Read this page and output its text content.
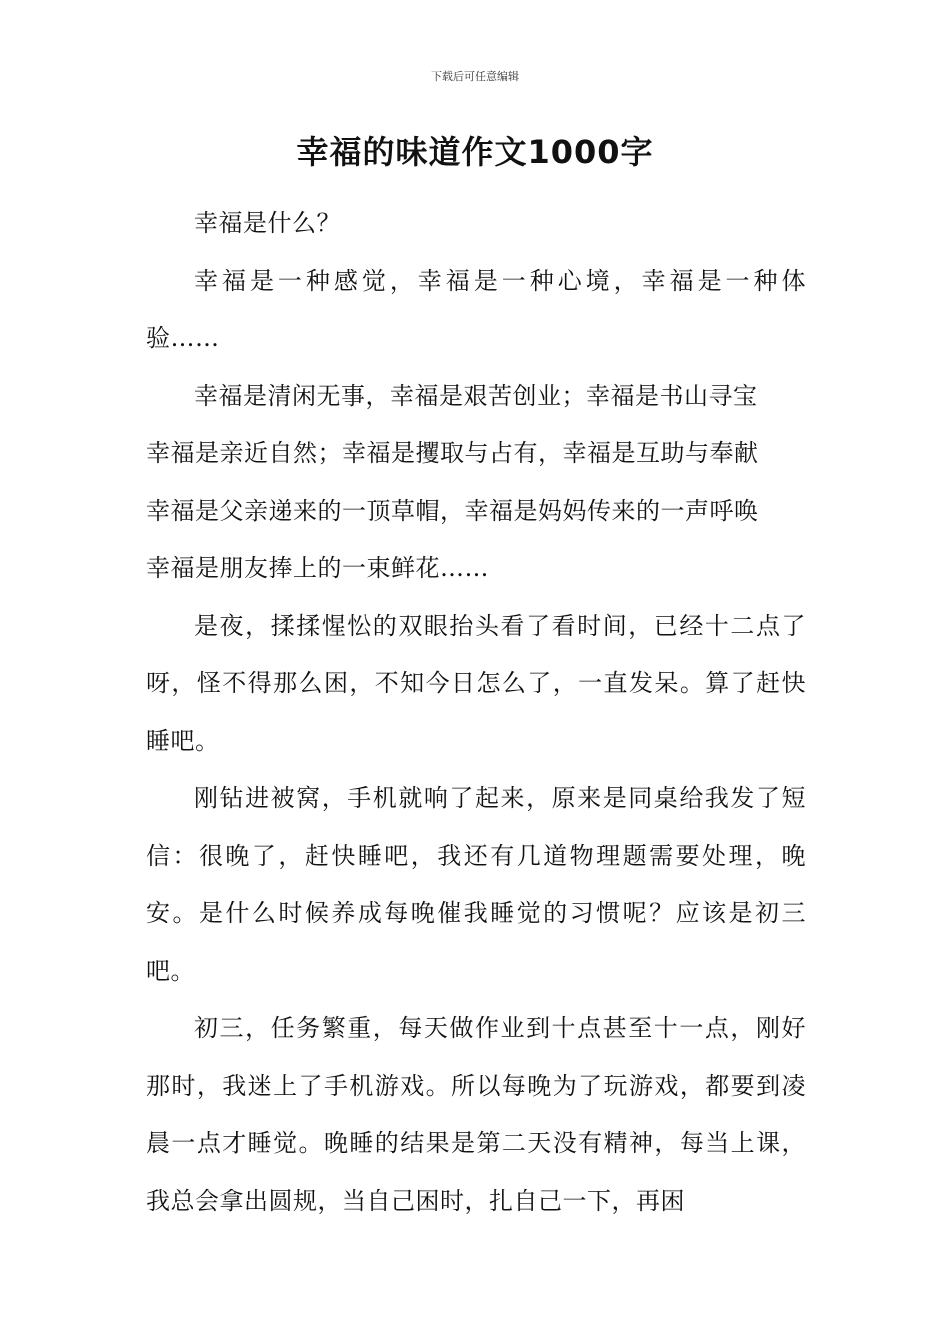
下载后可任意编辑
幸福的味道作文1000字

幸福是什么？

幸福是一种感觉，幸福是一种心境，幸福是一种体验……

幸福是清闲无事，幸福是艰苦创业；幸福是书山寻宝

幸福是亲近自然；幸福是攫取与占有，幸福是互助与奉献

幸福是父亲递来的一顶草帽，幸福是妈妈传来的一声呼唤

幸福是朋友捧上的一束鲜花……

是夜，揉揉惺忪的双眼抬头看了看时间，已经十二点了呀，怪不得那么困，不知今日怎么了，一直发呆。算了赶快睡吧。

刚钻进被窝，手机就响了起来，原来是同桌给我发了短信：很晚了，赶快睡吧，我还有几道物理题需要处理，晚安。是什么时候养成每晚催我睡觉的习惯呢？应该是初三吧。

初三，任务繁重，每天做作业到十点甚至十一点，刚好那时，我迷上了手机游戏。所以每晚为了玩游戏，都要到凌晨一点才睡觉。晚睡的结果是第二天没有精神，每当上课，我总会拿出圆规，当自己困时，扎自己一下，再困
